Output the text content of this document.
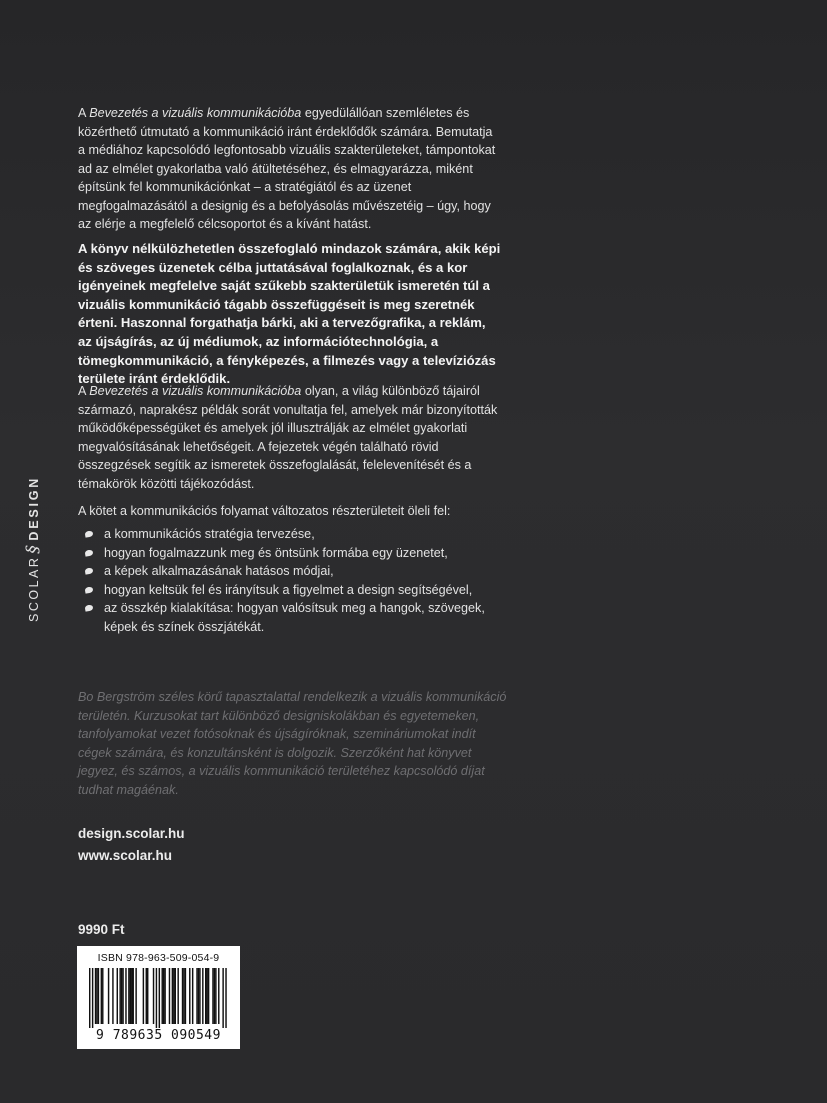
SCOLAR§DESIGN

A Bevezetés a vizuális kommunikációba egyedülállóan szemléletes és közérthető útmutató a kommunikáció iránt érdeklődők számára. Bemutatja a médiához kapcsolódó legfontosabb vizuális szakterületeket, támpontokat ad az elmélet gyakorlatba való átültetéséhez, és elmagyarázza, miként építsünk fel kommunikációnkat – a stratégiától és az üzenet megfogalmazásától a designig és a befolyásolás művészetéig – úgy, hogy az elérje a megfelelő célcsoportot és a kívánt hatást.

A könyv nélkülözhetetlen összefoglaló mindazok számára, akik képi és szöveges üzenetek célba juttatásával foglalkoznak, és a kor igényeinek megfelelve saját szűkebb szakterületük ismeretén túl a vizuális kommunikáció tágabb összefüggéseit is meg szeretnék érteni. Haszonnal forgathatja bárki, aki a tervezőgrafika, a reklám, az újságírás, az új médiumok, az információtechnológia, a tömegkommunikáció, a fényképezés, a filmezés vagy a televíziózás területe iránt érdeklődik.

A Bevezetés a vizuális kommunikációba olyan, a világ különböző tájairól származó, naprakész példák sorát vonultatja fel, amelyek már bizonyították működőképességüket és amelyek jól illusztrálják az elmélet gyakorlati megvalósításának lehetőségeit. A fejezetek végén található rövid összegzések segítik az ismeretek összefoglalását, felelevenítését és a témakörök közötti tájékozódást.

A kötet a kommunikációs folyamat változatos részterületeit öleli fel:

a kommunikációs stratégia tervezése,
hogyan fogalmazzunk meg és öntsünk formába egy üzenetet,
a képek alkalmazásának hatásos módjai,
hogyan keltsük fel és irányítsuk a figyelmet a design segítségével,
az összkép kialakítása: hogyan valósítsuk meg a hangok, szövegek, képek és színek összjátékát.

Bo Bergström széles körű tapasztalattal rendelkezik a vizuális kommunikáció területén. Kurzusokat tart különböző designiskolákban és egyetemeken, tanfolyamokat vezet fotósoknak és újságíróknak, szemináriumokat indít cégek számára, és konzultánsként is dolgozik. Szerzőként hat könyvet jegyez, és számos, a vizuális kommunikáció területéhez kapcsolódó díjat tudhat magáénak.

design.scolar.hu
www.scolar.hu
9990 Ft
ISBN 978-963-509-054-9
9 789635 090549
